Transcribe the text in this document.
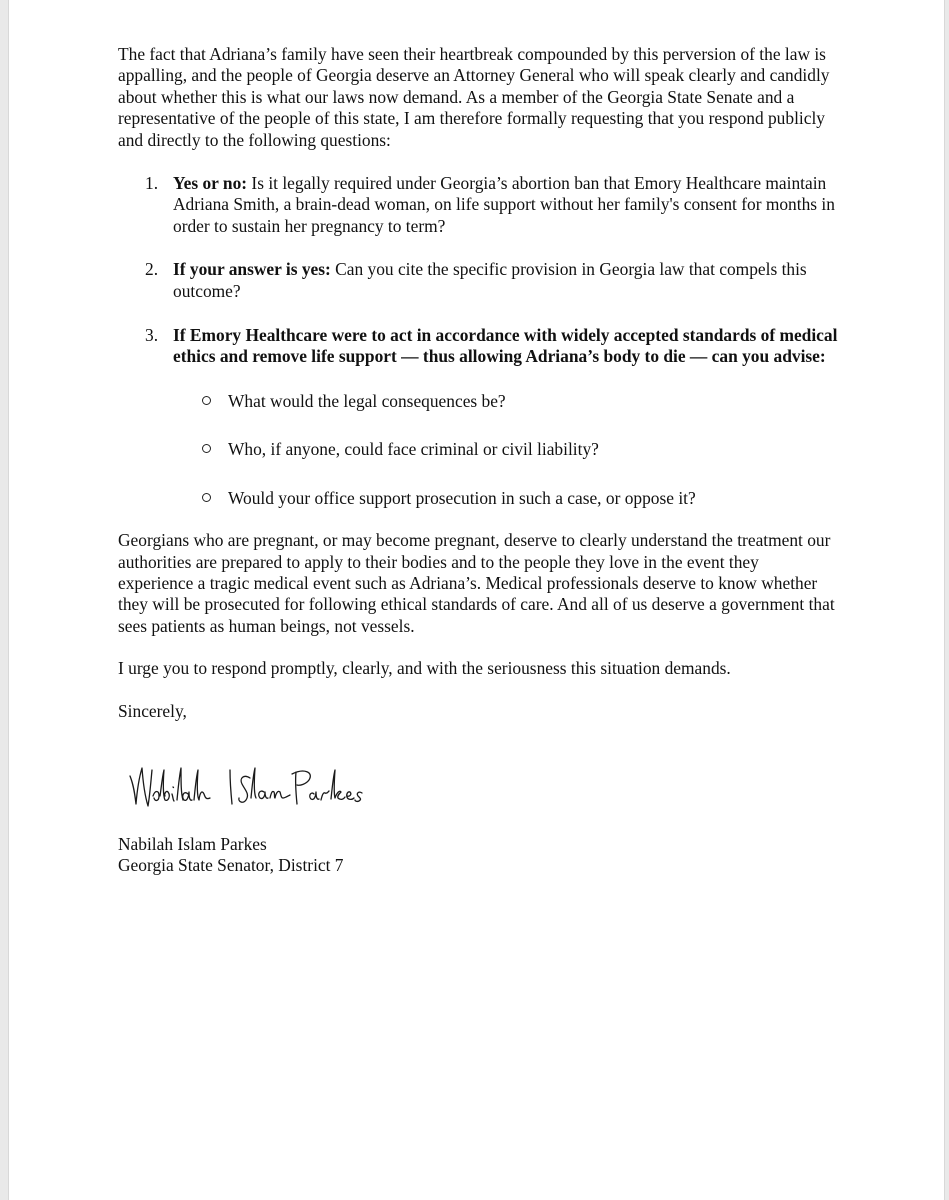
The fact that Adriana’s family have seen their heartbreak compounded by this perversion of the law is appalling, and the people of Georgia deserve an Attorney General who will speak clearly and candidly about whether this is what our laws now demand. As a member of the Georgia State Senate and a representative of the people of this state, I am therefore formally requesting that you respond publicly and directly to the following questions:

1. Yes or no: Is it legally required under Georgia’s abortion ban that Emory Healthcare maintain Adriana Smith, a brain-dead woman, on life support without her family's consent for months in order to sustain her pregnancy to term?
2. If your answer is yes: Can you cite the specific provision in Georgia law that compels this outcome?
3. If Emory Healthcare were to act in accordance with widely accepted standards of medical ethics and remove life support — thus allowing Adriana’s body to die — can you advise:
What would the legal consequences be?
Who, if anyone, could face criminal or civil liability?
Would your office support prosecution in such a case, or oppose it?

Georgians who are pregnant, or may become pregnant, deserve to clearly understand the treatment our authorities are prepared to apply to their bodies and to the people they love in the event they experience a tragic medical event such as Adriana’s. Medical professionals deserve to know whether they will be prosecuted for following ethical standards of care. And all of us deserve a government that sees patients as human beings, not vessels.

I urge you to respond promptly, clearly, and with the seriousness this situation demands.

Sincerely,

Nabilah Islam Parkes

Georgia State Senator, District 7
